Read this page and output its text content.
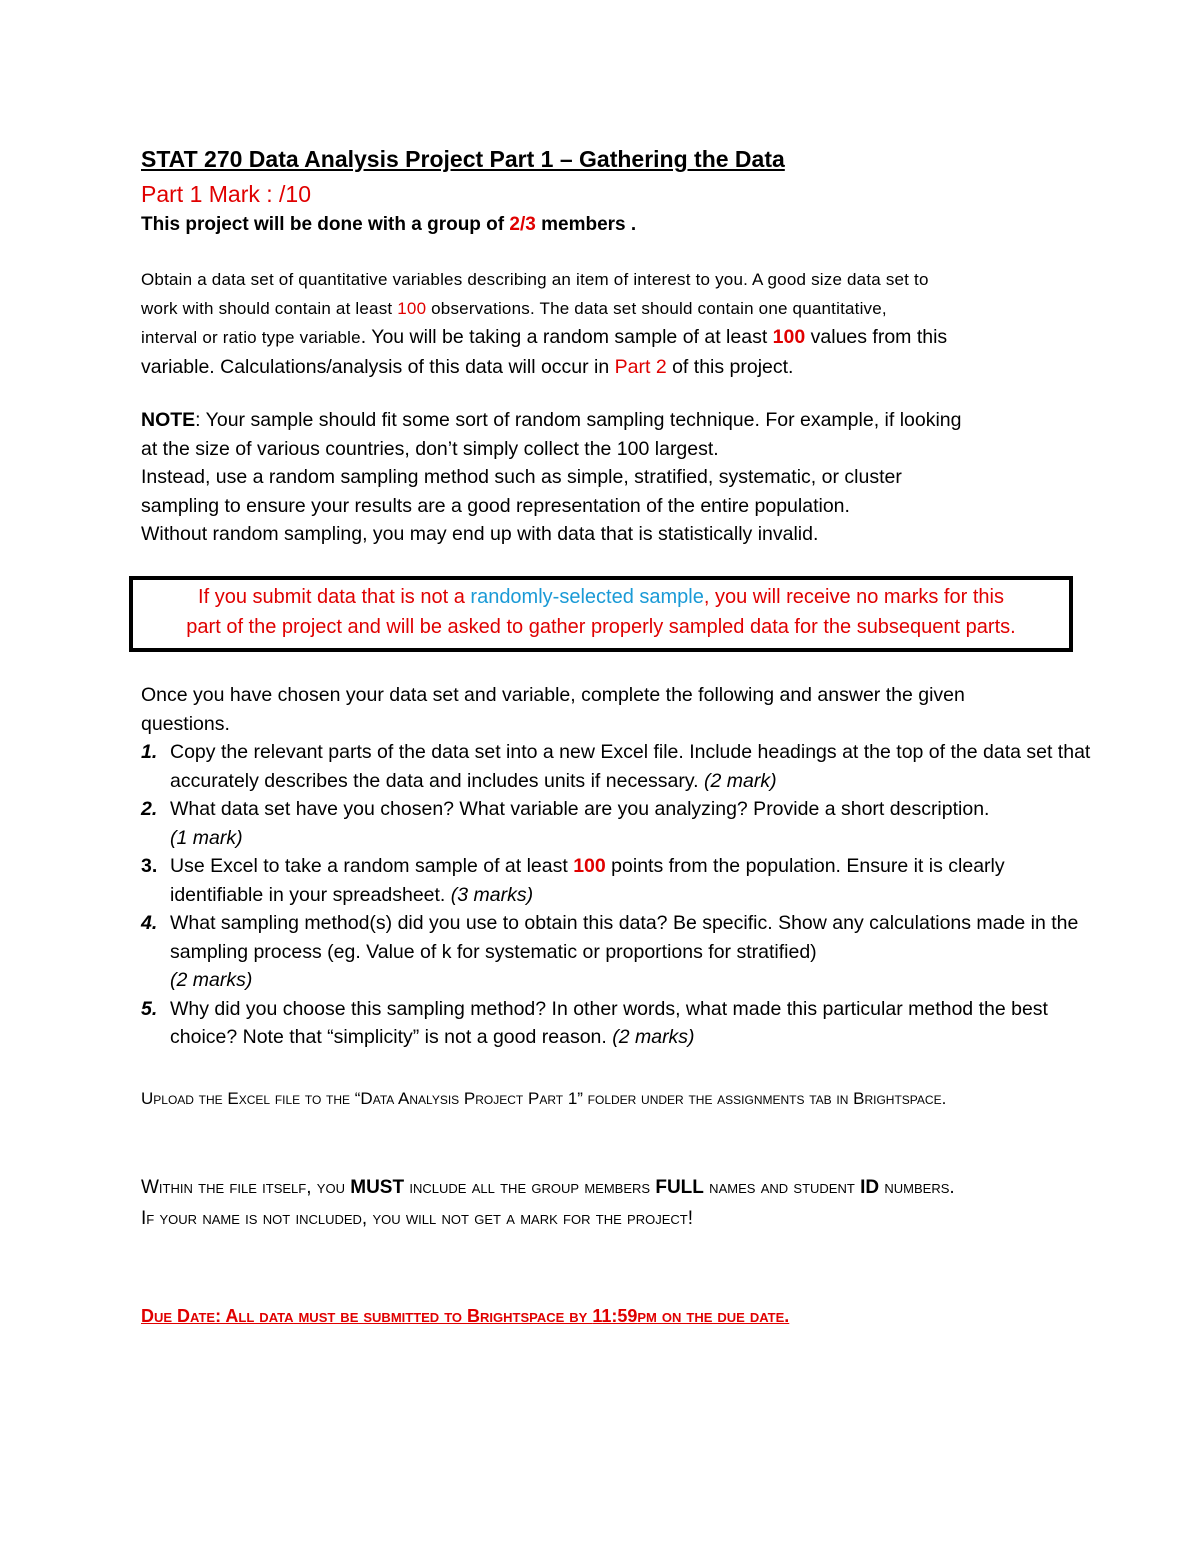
STAT 270 Data Analysis Project Part 1 – Gathering the Data

Part 1 Mark : /10

This project will be done with a group of 2/3 members .

Obtain a data set of quantitative variables describing an item of interest to you. A good size data set to
work with should contain at least 100 observations. The data set should contain one quantitative,
interval or ratio type variable. You will be taking a random sample of at least 100 values from this
variable. Calculations/analysis of this data will occur in Part 2 of this project.
NOTE: Your sample should fit some sort of random sampling technique. For example, if looking
at the size of various countries, don’t simply collect the 100 largest.
Instead, use a random sampling method such as simple, stratified, systematic, or cluster
sampling to ensure your results are a good representation of the entire population.
Without random sampling, you may end up with data that is statistically invalid.
If you submit data that is not a randomly-selected sample, you will receive no marks for this
part of the project and will be asked to gather properly sampled data for the subsequent parts.
Once you have chosen your data set and variable, complete the following and answer the given
questions.
1. Copy the relevant parts of the data set into a new Excel file. Include headings at the top of the data set that accurately describes the data and includes units if necessary. (2 mark)
2. What data set have you chosen? What variable are you analyzing? Provide a short description.
(1 mark)
3. Use Excel to take a random sample of at least 100 points from the population. Ensure it is clearly identifiable in your spreadsheet. (3 marks)
4. What sampling method(s) did you use to obtain this data? Be specific. Show any calculations made in the sampling process (eg. Value of k for systematic or proportions for stratified)
(2 marks)
5. Why did you choose this sampling method? In other words, what made this particular method the best choice? Note that “simplicity” is not a good reason. (2 marks)

Upload the Excel file to the “Data Analysis Project Part 1” folder under the assignments tab in Brightspace.

Within the file itself, you MUST include all the group members FULL names and student ID numbers.
If your name is not included, you will not get a mark for the project!

Due Date: All data must be submitted to Brightspace by 11:59pm on the due date.
